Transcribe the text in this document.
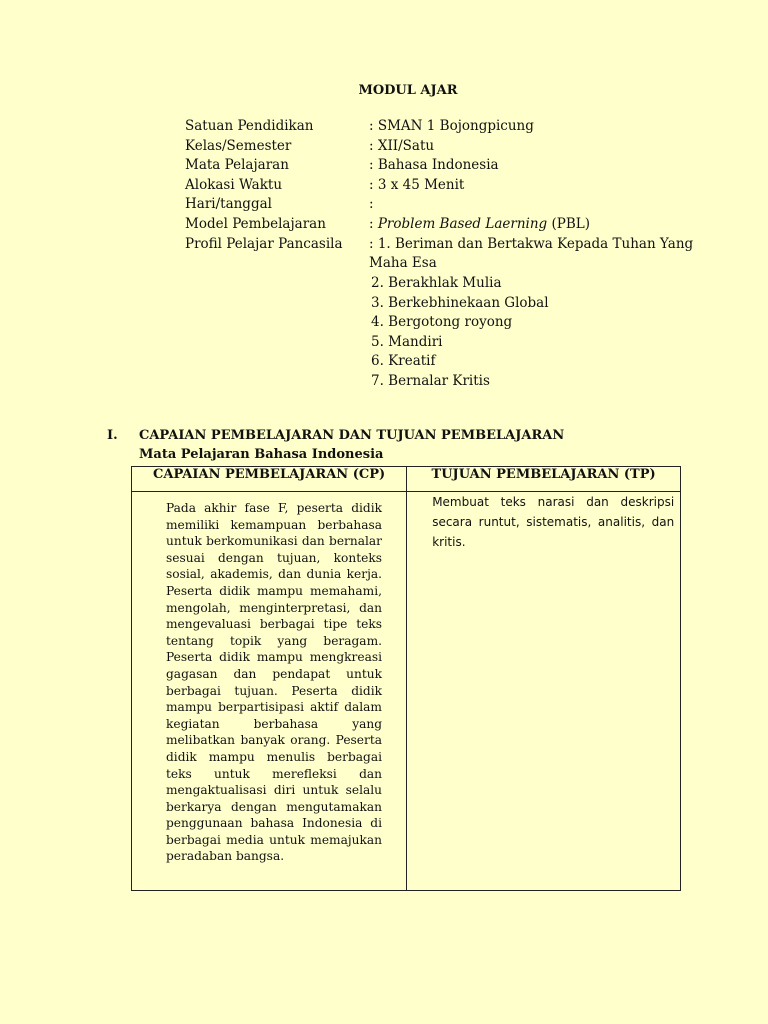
MODUL AJAR
Satuan Pendidikan	: SMAN 1 Bojongpicung
Kelas/Semester	: XII/Satu
Mata Pelajaran	: Bahasa Indonesia
Alokasi Waktu	: 3 x 45 Menit
Hari/tanggal	:
Model Pembelajaran	: Problem Based Laerning (PBL)
Profil Pelajar Pancasila	: 1. Beriman dan Bertakwa Kepada Tuhan Yang Maha Esa
2. Berakhlak Mulia
3. Berkebhinekaan Global
4. Bergotong royong
5. Mandiri
6. Kreatif
7. Bernalar Kritis
I. CAPAIAN PEMBELAJARAN DAN TUJUAN PEMBELAJARAN
Mata Pelajaran Bahasa Indonesia
CAPAIAN PEMBELAJARAN (CP)	TUJUAN PEMBELAJARAN (TP)

Pada akhir fase F, peserta didik memiliki kemampuan berbahasa untuk berkomunikasi dan bernalar sesuai dengan tujuan, konteks sosial, akademis, dan dunia kerja. Peserta didik mampu memahami, mengolah, menginterpretasi, dan mengevaluasi berbagai tipe teks tentang topik yang beragam. Peserta didik mampu mengkreasi gagasan dan pendapat untuk berbagai tujuan. Peserta didik mampu berpartisipasi aktif dalam kegiatan berbahasa yang melibatkan banyak orang. Peserta didik mampu menulis berbagai teks untuk merefleksi dan mengaktualisasi diri untuk selalu berkarya dengan mengutamakan penggunaan bahasa Indonesia di berbagai media untuk memajukan peradaban bangsa.	Membuat teks narasi dan deskripsi secara runtut, sistematis, analitis, dan kritis.
